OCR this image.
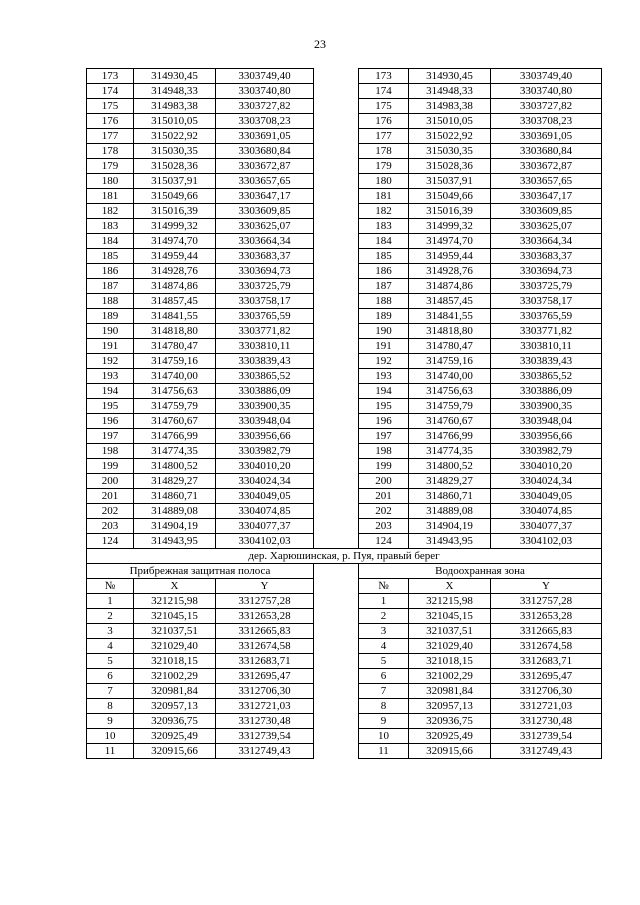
23
173	314930,45	3303749,40		173	314930,45	3303749,40
174	314948,33	3303740,80		174	314948,33	3303740,80
175	314983,38	3303727,82		175	314983,38	3303727,82
176	315010,05	3303708,23		176	315010,05	3303708,23
177	315022,92	3303691,05		177	315022,92	3303691,05
178	315030,35	3303680,84		178	315030,35	3303680,84
179	315028,36	3303672,87		179	315028,36	3303672,87
180	315037,91	3303657,65		180	315037,91	3303657,65
181	315049,66	3303647,17		181	315049,66	3303647,17
182	315016,39	3303609,85		182	315016,39	3303609,85
183	314999,32	3303625,07		183	314999,32	3303625,07
184	314974,70	3303664,34		184	314974,70	3303664,34
185	314959,44	3303683,37		185	314959,44	3303683,37
186	314928,76	3303694,73		186	314928,76	3303694,73
187	314874,86	3303725,79		187	314874,86	3303725,79
188	314857,45	3303758,17		188	314857,45	3303758,17
189	314841,55	3303765,59		189	314841,55	3303765,59
190	314818,80	3303771,82		190	314818,80	3303771,82
191	314780,47	3303810,11		191	314780,47	3303810,11
192	314759,16	3303839,43		192	314759,16	3303839,43
193	314740,00	3303865,52		193	314740,00	3303865,52
194	314756,63	3303886,09		194	314756,63	3303886,09
195	314759,79	3303900,35		195	314759,79	3303900,35
196	314760,67	3303948,04		196	314760,67	3303948,04
197	314766,99	3303956,66		197	314766,99	3303956,66
198	314774,35	3303982,79		198	314774,35	3303982,79
199	314800,52	3304010,20		199	314800,52	3304010,20
200	314829,27	3304024,34		200	314829,27	3304024,34
201	314860,71	3304049,05		201	314860,71	3304049,05
202	314889,08	3304074,85		202	314889,08	3304074,85
203	314904,19	3304077,37		203	314904,19	3304077,37
124	314943,95	3304102,03		124	314943,95	3304102,03
дер. Харюшинская, р. Пуя, правый берег						
Прибрежная защитная полоса				Водоохранная зона		
№	X	Y		№	X	Y
1	321215,98	3312757,28		1	321215,98	3312757,28
2	321045,15	3312653,28		2	321045,15	3312653,28
3	321037,51	3312665,83		3	321037,51	3312665,83
4	321029,40	3312674,58		4	321029,40	3312674,58
5	321018,15	3312683,71		5	321018,15	3312683,71
6	321002,29	3312695,47		6	321002,29	3312695,47
7	320981,84	3312706,30		7	320981,84	3312706,30
8	320957,13	3312721,03		8	320957,13	3312721,03
9	320936,75	3312730,48		9	320936,75	3312730,48
10	320925,49	3312739,54		10	320925,49	3312739,54
11	320915,66	3312749,43		11	320915,66	3312749,43
